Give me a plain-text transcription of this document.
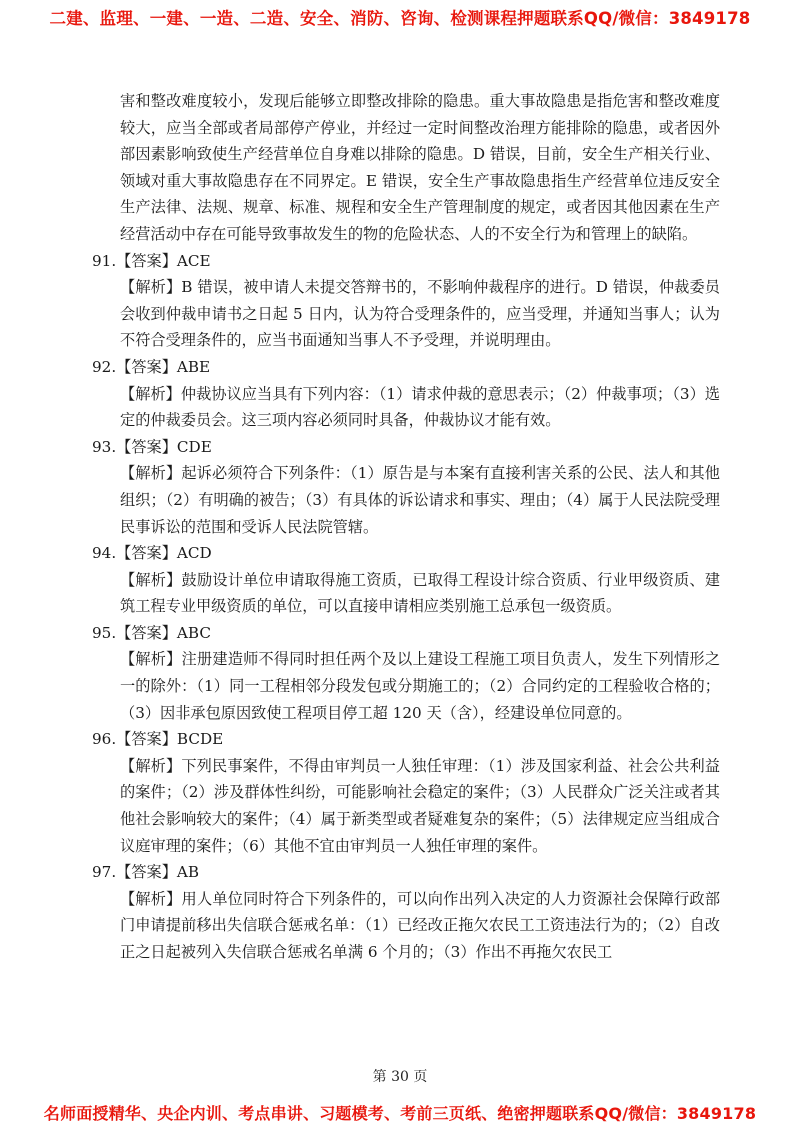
二建、监理、一建、一造、二造、安全、消防、咨询、检测课程押题联系QQ/微信：3849178

害和整改难度较小，发现后能够立即整改排除的隐患。重大事故隐患是指危害和整改难度较大，应当全部或者局部停产停业，并经过一定时间整改治理方能排除的隐患，或者因外部因素影响致使生产经营单位自身难以排除的隐患。D 错误，目前，安全生产相关行业、领域对重大事故隐患存在不同界定。E 错误，安全生产事故隐患指生产经营单位违反安全生产法律、法规、规章、标准、规程和安全生产管理制度的规定，或者因其他因素在生产经营活动中存在可能导致事故发生的物的危险状态、人的不安全行为和管理上的缺陷。

91.【答案】ACE

【解析】B 错误，被申请人未提交答辩书的，不影响仲裁程序的进行。D 错误，仲裁委员会收到仲裁申请书之日起 5 日内，认为符合受理条件的，应当受理，并通知当事人；认为不符合受理条件的，应当书面通知当事人不予受理，并说明理由。

92.【答案】ABE

【解析】仲裁协议应当具有下列内容：（1）请求仲裁的意思表示；（2）仲裁事项；（3）选定的仲裁委员会。这三项内容必须同时具备，仲裁协议才能有效。

93.【答案】CDE

【解析】起诉必须符合下列条件：（1）原告是与本案有直接利害关系的公民、法人和其他组织；（2）有明确的被告；（3）有具体的诉讼请求和事实、理由；（4）属于人民法院受理民事诉讼的范围和受诉人民法院管辖。

94.【答案】ACD

【解析】鼓励设计单位申请取得施工资质，已取得工程设计综合资质、行业甲级资质、建筑工程专业甲级资质的单位，可以直接申请相应类别施工总承包一级资质。

95.【答案】ABC

【解析】注册建造师不得同时担任两个及以上建设工程施工项目负责人，发生下列情形之一的除外：（1）同一工程相邻分段发包或分期施工的；（2）合同约定的工程验收合格的；（3）因非承包原因致使工程项目停工超 120 天（含），经建设单位同意的。

96.【答案】BCDE

【解析】下列民事案件，不得由审判员一人独任审理：（1）涉及国家利益、社会公共利益的案件；（2）涉及群体性纠纷，可能影响社会稳定的案件；（3）人民群众广泛关注或者其他社会影响较大的案件；（4）属于新类型或者疑难复杂的案件；（5）法律规定应当组成合议庭审理的案件；（6）其他不宜由审判员一人独任审理的案件。

97.【答案】AB

【解析】用人单位同时符合下列条件的，可以向作出列入决定的人力资源社会保障行政部门申请提前移出失信联合惩戒名单：（1）已经改正拖欠农民工工资违法行为的；（2）自改正之日起被列入失信联合惩戒名单满 6 个月的；（3）作出不再拖欠农民工

第 30 页
名师面授精华、央企内训、考点串讲、习题模考、考前三页纸、绝密押题联系QQ/微信：3849178
